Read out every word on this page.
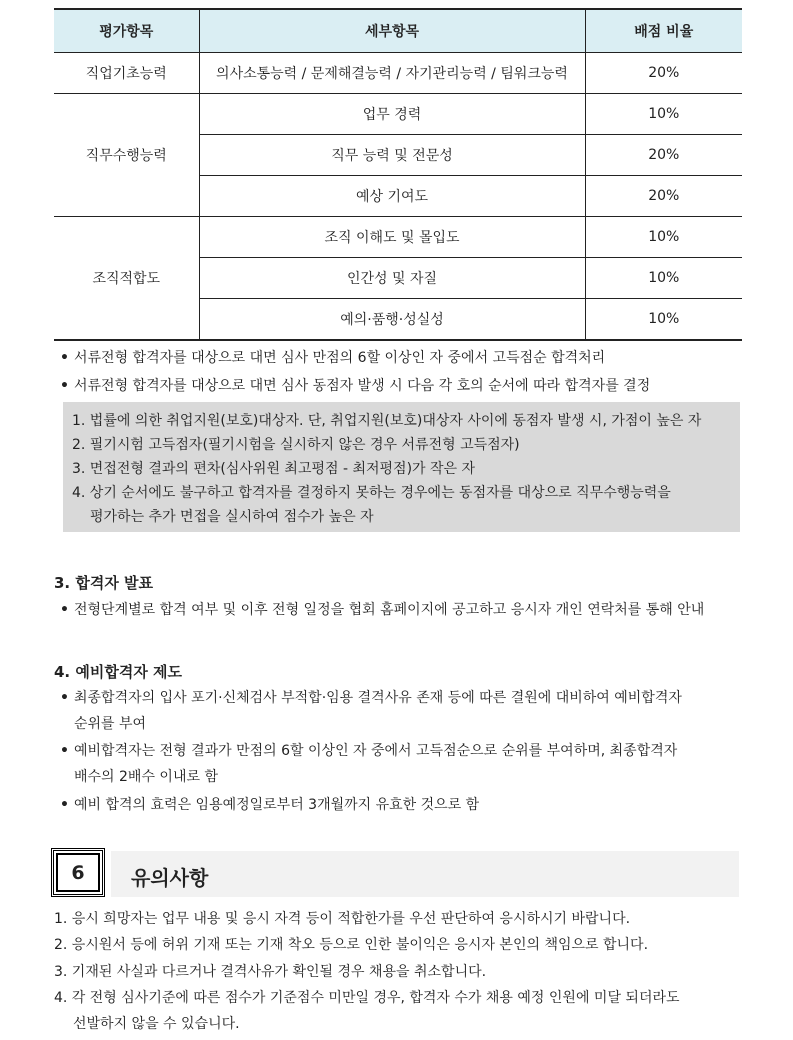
평가항목	세부항목	배점 비율
직업기초능력	의사소통능력 / 문제해결능력 / 자기관리능력 / 팀워크능력	20%
직무수행능력	업무 경력	10%
	직무 능력 및 전문성	20%
	예상 기여도	20%
조직적합도	조직 이해도 및 몰입도	10%
	인간성 및 자질	10%
	예의·품행·성실성	10%
• 서류전형 합격자를 대상으로 대면 심사 만점의 6할 이상인 자 중에서 고득점순 합격처리
• 서류전형 합격자를 대상으로 대면 심사 동점자 발생 시 다음 각 호의 순서에 따라 합격자를 결정
1. 법률에 의한 취업지원(보호)대상자. 단, 취업지원(보호)대상자 사이에 동점자 발생 시, 가점이 높은 자
2. 필기시험 고득점자(필기시험을 실시하지 않은 경우 서류전형 고득점자)
3. 면접전형 결과의 편차(심사위원 최고평점 - 최저평점)가 작은 자
4. 상기 순서에도 불구하고 합격자를 결정하지 못하는 경우에는 동점자를 대상으로 직무수행능력을
평가하는 추가 면접을 실시하여 점수가 높은 자
3. 합격자 발표
• 전형단계별로 합격 여부 및 이후 전형 일정을 협회 홈페이지에 공고하고 응시자 개인 연락처를 통해 안내
4. 예비합격자 제도
• 최종합격자의 입사 포기·신체검사 부적합·임용 결격사유 존재 등에 따른 결원에 대비하여 예비합격자
순위를 부여
• 예비합격자는 전형 결과가 만점의 6할 이상인 자 중에서 고득점순으로 순위를 부여하며, 최종합격자
배수의 2배수 이내로 함
• 예비 합격의 효력은 임용예정일로부터 3개월까지 유효한 것으로 함
6	유의사항
1. 응시 희망자는 업무 내용 및 응시 자격 등이 적합한가를 우선 판단하여 응시하시기 바랍니다.
2. 응시원서 등에 허위 기재 또는 기재 착오 등으로 인한 불이익은 응시자 본인의 책임으로 합니다.
3. 기재된 사실과 다르거나 결격사유가 확인될 경우 채용을 취소합니다.
4. 각 전형 심사기준에 따른 점수가 기준점수 미만일 경우, 합격자 수가 채용 예정 인원에 미달 되더라도
선발하지 않을 수 있습니다.
